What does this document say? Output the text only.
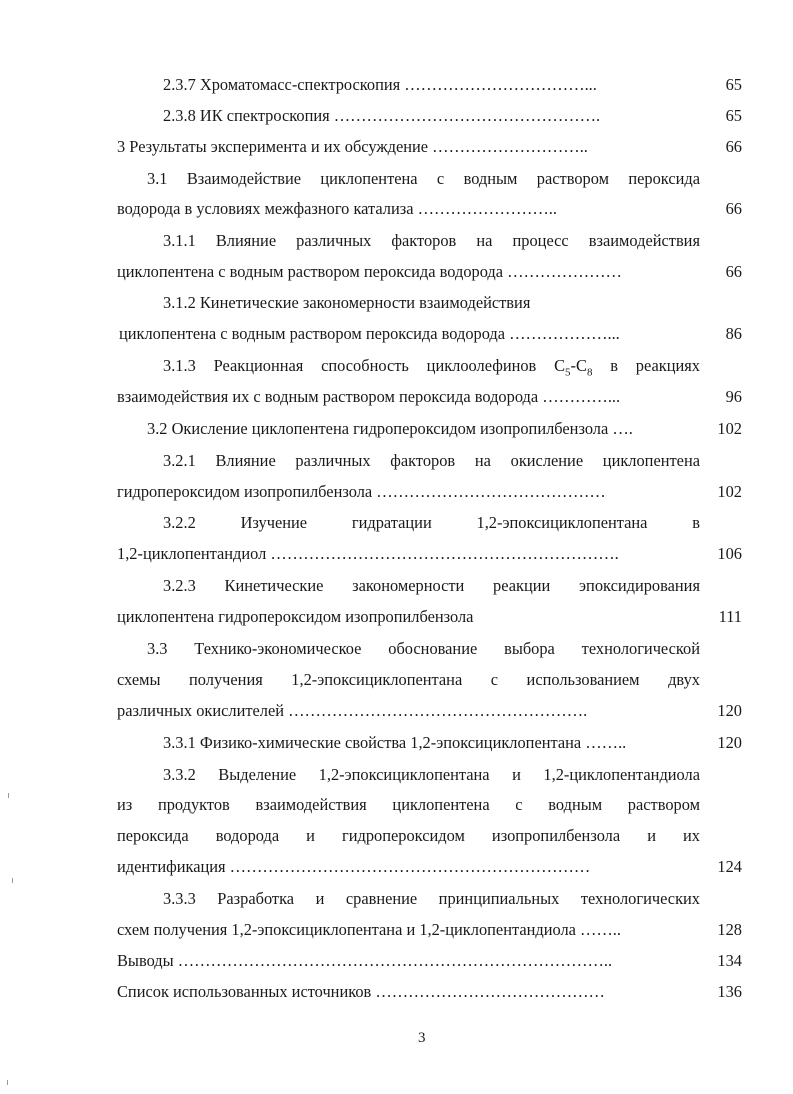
2.3.7 Хроматомасс-спектроскопия ……………………………...	65
2.3.8 ИК спектроскопия ………………………………………….	65
3 Результаты эксперимента и их обсуждение ………………………..	66
3.1 Взаимодействие циклопентена с водным раствором пероксида
водорода в условиях межфазного катализа ……………………..	66
3.1.1 Влияние различных факторов на процесс взаимодействия
циклопентена с водным раствором пероксида водорода …………………	66
3.1.2 Кинетические закономерности взаимодействия
циклопентена с водным раствором пероксида водорода ………………...	86
3.1.3 Реакционная способность циклоолефинов $C_5-C_8$ в реакциях
взаимодействия их с водным раствором пероксида водорода …………...	96
3.2 Окисление циклопентена гидропероксидом изопропилбензола ….	102
3.2.1 Влияние различных факторов на окисление циклопентена
гидропероксидом изопропилбензола ……………………………………	102
3.2.2 Изучение гидратации 1,2-эпоксициклопентана в
1,2-циклопентандиол ……………………………………………………….	106
3.2.3 Кинетические закономерности реакции эпоксидирования
циклопентена гидропероксидом изопропилбензола	111
3.3 Технико-экономическое обоснование выбора технологической
схемы получения 1,2-эпоксициклопентана с использованием двух
различных окислителей ……………………………………………….	120
3.3.1 Физико-химические свойства 1,2-эпоксициклопентана ……..	120
3.3.2 Выделение 1,2-эпоксициклопентана и 1,2-циклопентандиола
из продуктов взаимодействия циклопентена с водным раствором
пероксида водорода и гидропероксидом изопропилбензола и их
идентификация …………………………………………………………	124
3.3.3 Разработка и сравнение принципиальных технологических
схем получения 1,2-эпоксициклопентана и 1,2-циклопентандиола ……..	128
Выводы ……………………………………………………………………..	134
Список использованных источников ……………………………………	136
3
